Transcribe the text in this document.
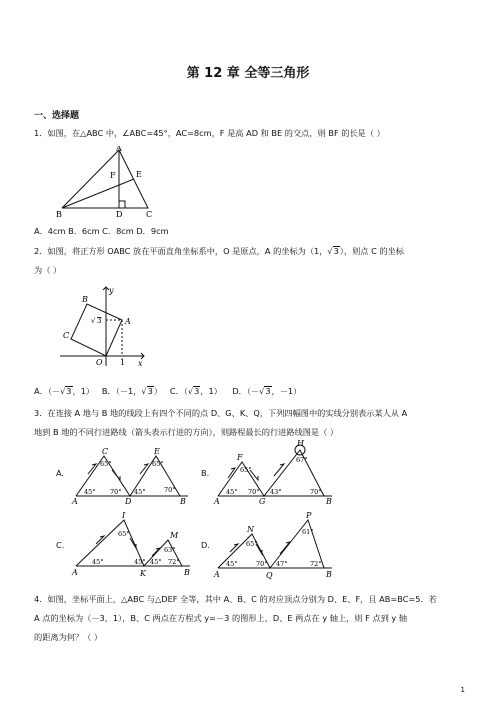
第 12 章 全等三角形
一、选择题
1．如图，在△ABC 中，∠ABC=45°，AC=8cm，F 是高 AD 和 BE 的交点，则 BF 的长是（ ）
A
B	C
D
E
F
A．4cm B．6cm C．8cm D．9cm
2．如图，将正方形 OABC 放在平面直角坐标系中，O 是原点，A 的坐标为（1，√3），则点 C 的坐标
为（ ）
y
x
B
A
C
O 1
√ 3
A．（－√3，1） B．（－1，√3） C．（√3，1） D．（－√3，－1）
3．在连接 A 地与 B 地的线段上有四个不同的点 D、G、K、Q，下列四幅图中的实线分别表示某人从 A
地到 B 地的不同行进路线（箭头表示行进的方向），则路程最长的行进路线图是（ ）
A.	B.
C.	D.
A	D	B
C	E
45°
65°
70° 45°
65°
70°
A	G	B
F
H
65°
45° 70° 43°
67°
70°
A	K	B
I
M
65°
45°	45°
63°
45° 72°
A	Q	B
N
P
65°
45°	70° 47°
61°
72°
4．如图，坐标平面上，△ABC 与△DEF 全等，其中 A、B、C 的对应顶点分别为 D、E、F，且 AB=BC=5．若
A 点的坐标为（－3，1），B、C 两点在方程式 y=－3 的图形上，D、E 两点在 y 轴上，则 F 点到 y 轴
的距离为何？（ ）
1
